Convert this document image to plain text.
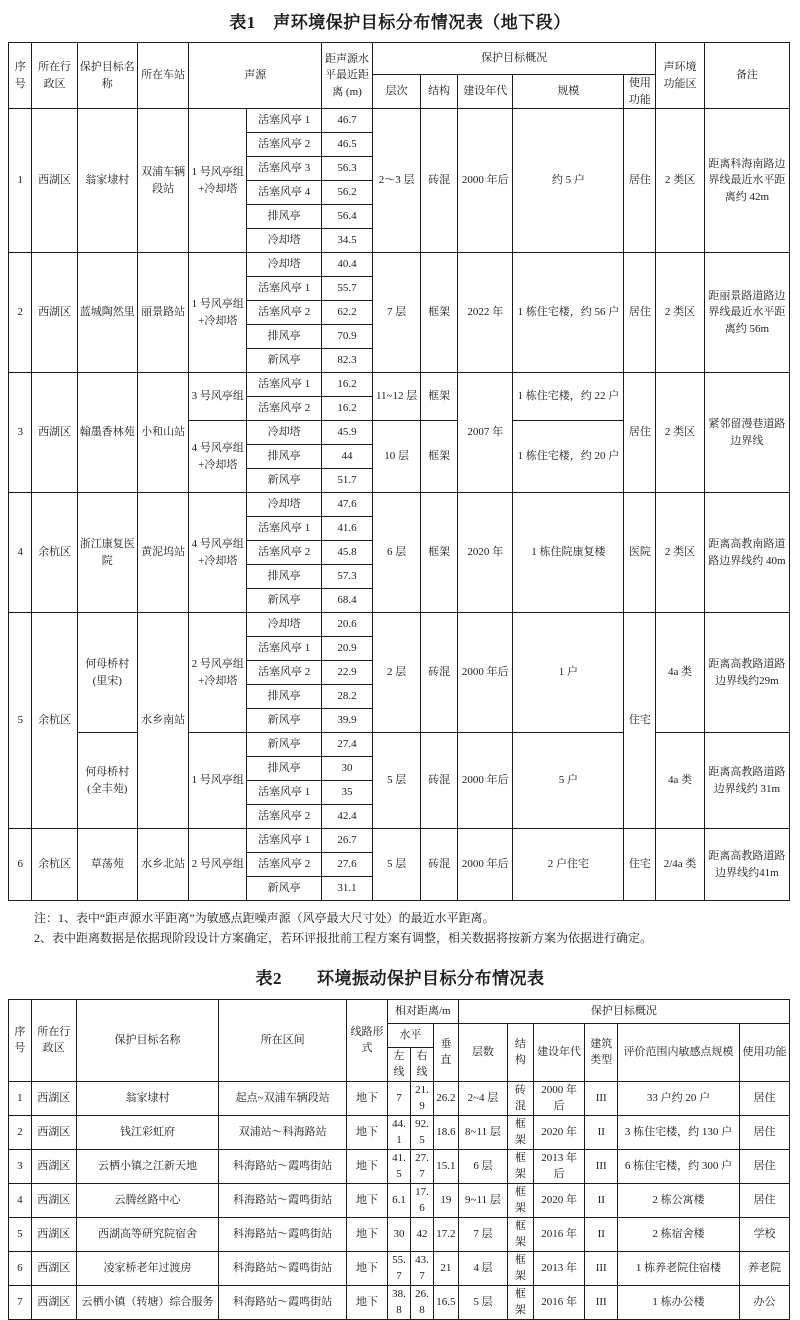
表1　声环境保护目标分布情况表（地下段）
序号	所在行政区	保护目标名称	所在车站	声源		距声源水平最近距离 (m)	保护目标概况					声环境功能区	备注
							层次	结构	建设年代	规模	使用功能		
1	西湖区	翁家埭村	双浦车辆段站	1 号风亭组+冷却塔	活塞风亭 1	46.7	2～3 层	砖混	2000 年后	约 5 户	居住	2 类区	距离科海南路边界线最近水平距离约 42m
					活塞风亭 2	46.5							
					活塞风亭 3	56.3							
					活塞风亭 4	56.2							
					排风亭	56.4							
					冷却塔	34.5							
2	西湖区	蓝城陶然里	丽景路站	1 号风亭组+冷却塔	冷却塔	40.4	7 层	框架	2022 年	1 栋住宅楼，约 56 户	居住	2 类区	距丽景路道路边界线最近水平距离约 56m
					活塞风亭 1	55.7							
					活塞风亭 2	62.2							
					排风亭	70.9							
					新风亭	82.3							
3	西湖区	翰墨香林苑	小和山站	3 号风亭组	活塞风亭 1	16.2	11~12 层	框架	2007 年	1 栋住宅楼，约 22 户	居住	2 类区	紧邻留漫巷道路边界线
					活塞风亭 2	16.2							
				4 号风亭组+冷却塔	冷却塔	45.9	10 层	框架		1 栋住宅楼，约 20 户			
					排风亭	44							
					新风亭	51.7							
4	余杭区	浙江康复医院	黄泥坞站	4 号风亭组+冷却塔	冷却塔	47.6	6 层	框架	2020 年	1 栋住院康复楼	医院	2 类区	距离高教南路道路边界线约 40m
					活塞风亭 1	41.6							
					活塞风亭 2	45.8							
					排风亭	57.3							
					新风亭	68.4							
5	余杭区	何母桥村(里宋)	水乡南站	2 号风亭组+冷却塔	冷却塔	20.6	2 层	砖混	2000 年后	1 户	住宅	4a 类	距离高教路道路边界线约29m
					活塞风亭 1	20.9							
					活塞风亭 2	22.9							
					排风亭	28.2							
					新风亭	39.9							
		何母桥村(全丰苑)		1 号风亭组	新风亭	27.4	5 层	砖混	2000 年后	5 户		4a 类	距离高教路道路边界线约 31m
					排风亭	30							
					活塞风亭 1	35							
					活塞风亭 2	42.4							
6	余杭区	草荡苑	水乡北站	2 号风亭组	活塞风亭 1	26.7	5 层	砖混	2000 年后	2 户住宅	住宅	2/4a 类	距离高教路道路边界线约41m
					活塞风亭 2	27.6							
					新风亭	31.1							

注：1、表中“距声源水平距离”为敏感点距噪声源（风亭最大尺寸处）的最近水平距离。

2、表中距离数据是依据现阶段设计方案确定，若环评报批前工程方案有调整，相关数据将按新方案为依据进行确定。

表2　　环境振动保护目标分布情况表
序号	所在行政区	保护目标名称	所在区间	线路形式	相对距离/m			保护目标概况					
					水平		垂直	层数	结构	建设年代	建筑类型	评价范围内敏感点规模	使用功能
					左线	右线							
1	西湖区	翁家埭村	起点~双浦车辆段站	地下	7	21.9	26.2	2~4 层	砖混	2000 年后	III	33 户约 20 户	居住
2	西湖区	钱江彩虹府	双浦站～科海路站	地下	44.1	92.5	18.6	8~11 层	框架	2020 年	II	3 栋住宅楼，约 130 户	居住
3	西湖区	云栖小镇之江新天地	科海路站～霞鸣街站	地下	41.5	27.7	15.1	6 层	框架	2013 年后	III	6 栋住宅楼，约 300 户	居住
4	西湖区	云腾丝路中心	科海路站～霞鸣街站	地下	6.1	17.6	19	9~11 层	框架	2020 年	II	2 栋公寓楼	居住
5	西湖区	西湖高等研究院宿舍	科海路站～霞鸣街站	地下	30	42	17.2	7 层	框架	2016 年	II	2 栋宿舍楼	学校
6	西湖区	凌家桥老年过渡房	科海路站～霞鸣街站	地下	55.7	43.7	21	4 层	框架	2013 年	III	1 栋养老院住宿楼	养老院
7	西湖区	云栖小镇（转塘）综合服务	科海路站～霞鸣街站	地下	38.8	26.8	16.5	5 层	框架	2016 年	III	1 栋办公楼	办公
